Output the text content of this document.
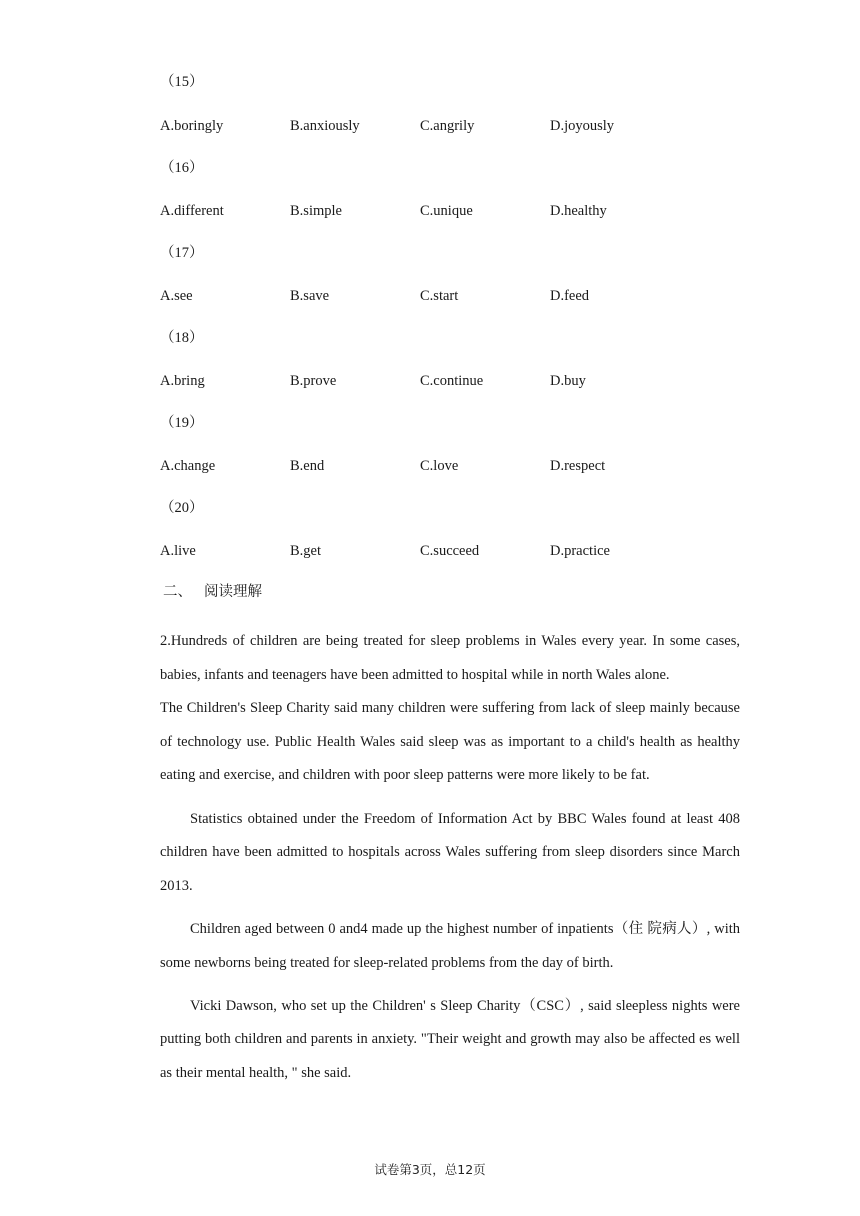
（15）
A.boringly	B.anxiously	C.angrily	D.joyously
（16）
A.different	B.simple	C.unique	D.healthy
（17）
A.see	B.save	C.start	D.feed
（18）
A.bring	B.prove	C.continue	D.buy
（19）
A.change	B.end	C.love	D.respect
（20）
A.live	B.get	C.succeed	D.practice
二、 阅读理解

2.Hundreds of children are being treated for sleep problems in Wales every year. In some cases, babies, infants and teenagers have been admitted to hospital while in north Wales alone.

The Children's Sleep Charity said many children were suffering from lack of sleep mainly because of technology use. Public Health Wales said sleep was as important to a child's health as healthy eating and exercise, and children with poor sleep patterns were more likely to be fat.

Statistics obtained under the Freedom of Information Act by BBC Wales found at least 408 children have been admitted to hospitals across Wales suffering from sleep disorders since March 2013.

Children aged between 0 and4 made up the highest number of inpatients（住 院病人）, with some newborns being treated for sleep-related problems from the day of birth.

Vicki Dawson, who set up the Children' s Sleep Charity（CSC）, said sleepless nights were putting both children and parents in anxiety. "Their weight and growth may also be affected es well as their mental health, " she said.

试卷第3页，总12页
